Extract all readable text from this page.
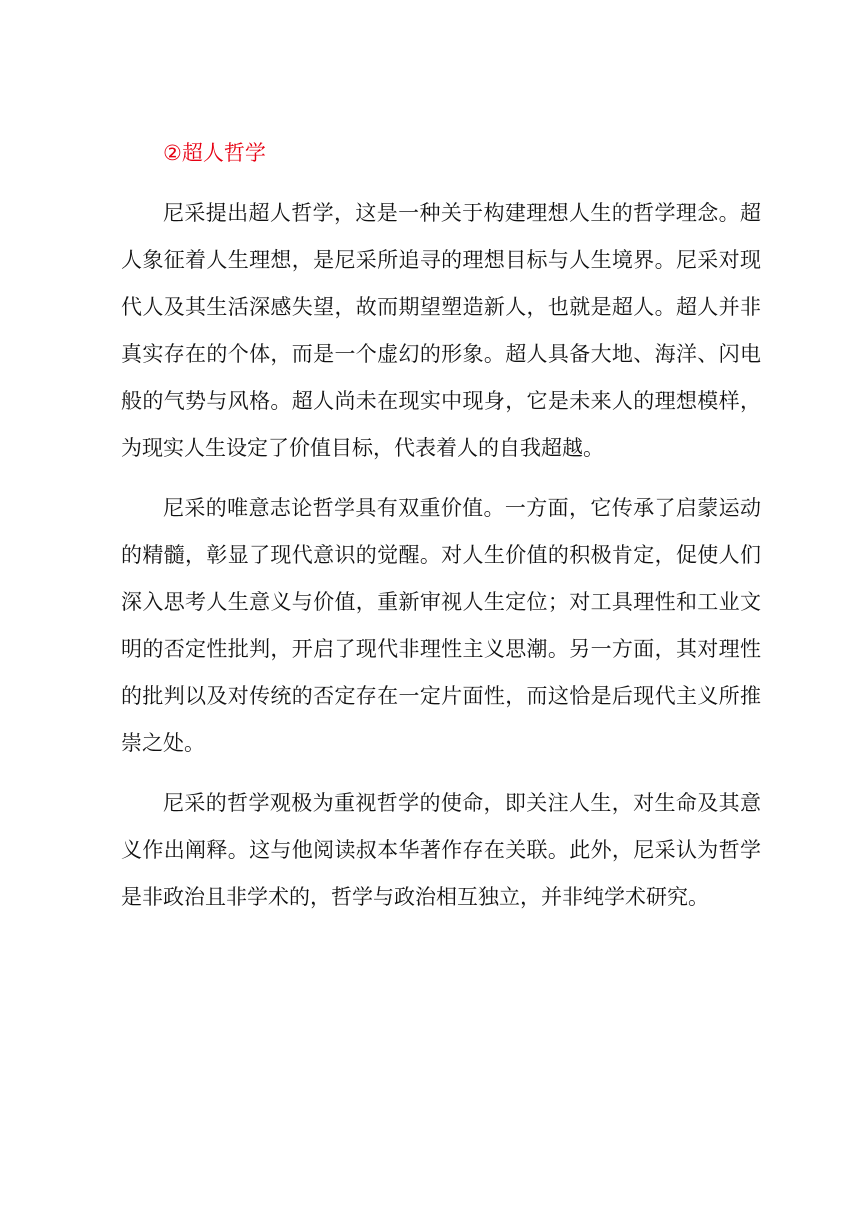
②超人哲学

尼采提出超人哲学，这是一种关于构建理想人生的哲学理念。超人象征着人生理想，是尼采所追寻的理想目标与人生境界。尼采对现代人及其生活深感失望，故而期望塑造新人，也就是超人。超人并非真实存在的个体，而是一个虚幻的形象。超人具备大地、海洋、闪电般的气势与风格。超人尚未在现实中现身，它是未来人的理想模样，为现实人生设定了价值目标，代表着人的自我超越。

尼采的唯意志论哲学具有双重价值。一方面，它传承了启蒙运动的精髓，彰显了现代意识的觉醒。对人生价值的积极肯定，促使人们深入思考人生意义与价值，重新审视人生定位；对工具理性和工业文明的否定性批判，开启了现代非理性主义思潮。另一方面，其对理性的批判以及对传统的否定存在一定片面性，而这恰是后现代主义所推崇之处。

尼采的哲学观极为重视哲学的使命，即关注人生，对生命及其意义作出阐释。这与他阅读叔本华著作存在关联。此外，尼采认为哲学是非政治且非学术的，哲学与政治相互独立，并非纯学术研究。
